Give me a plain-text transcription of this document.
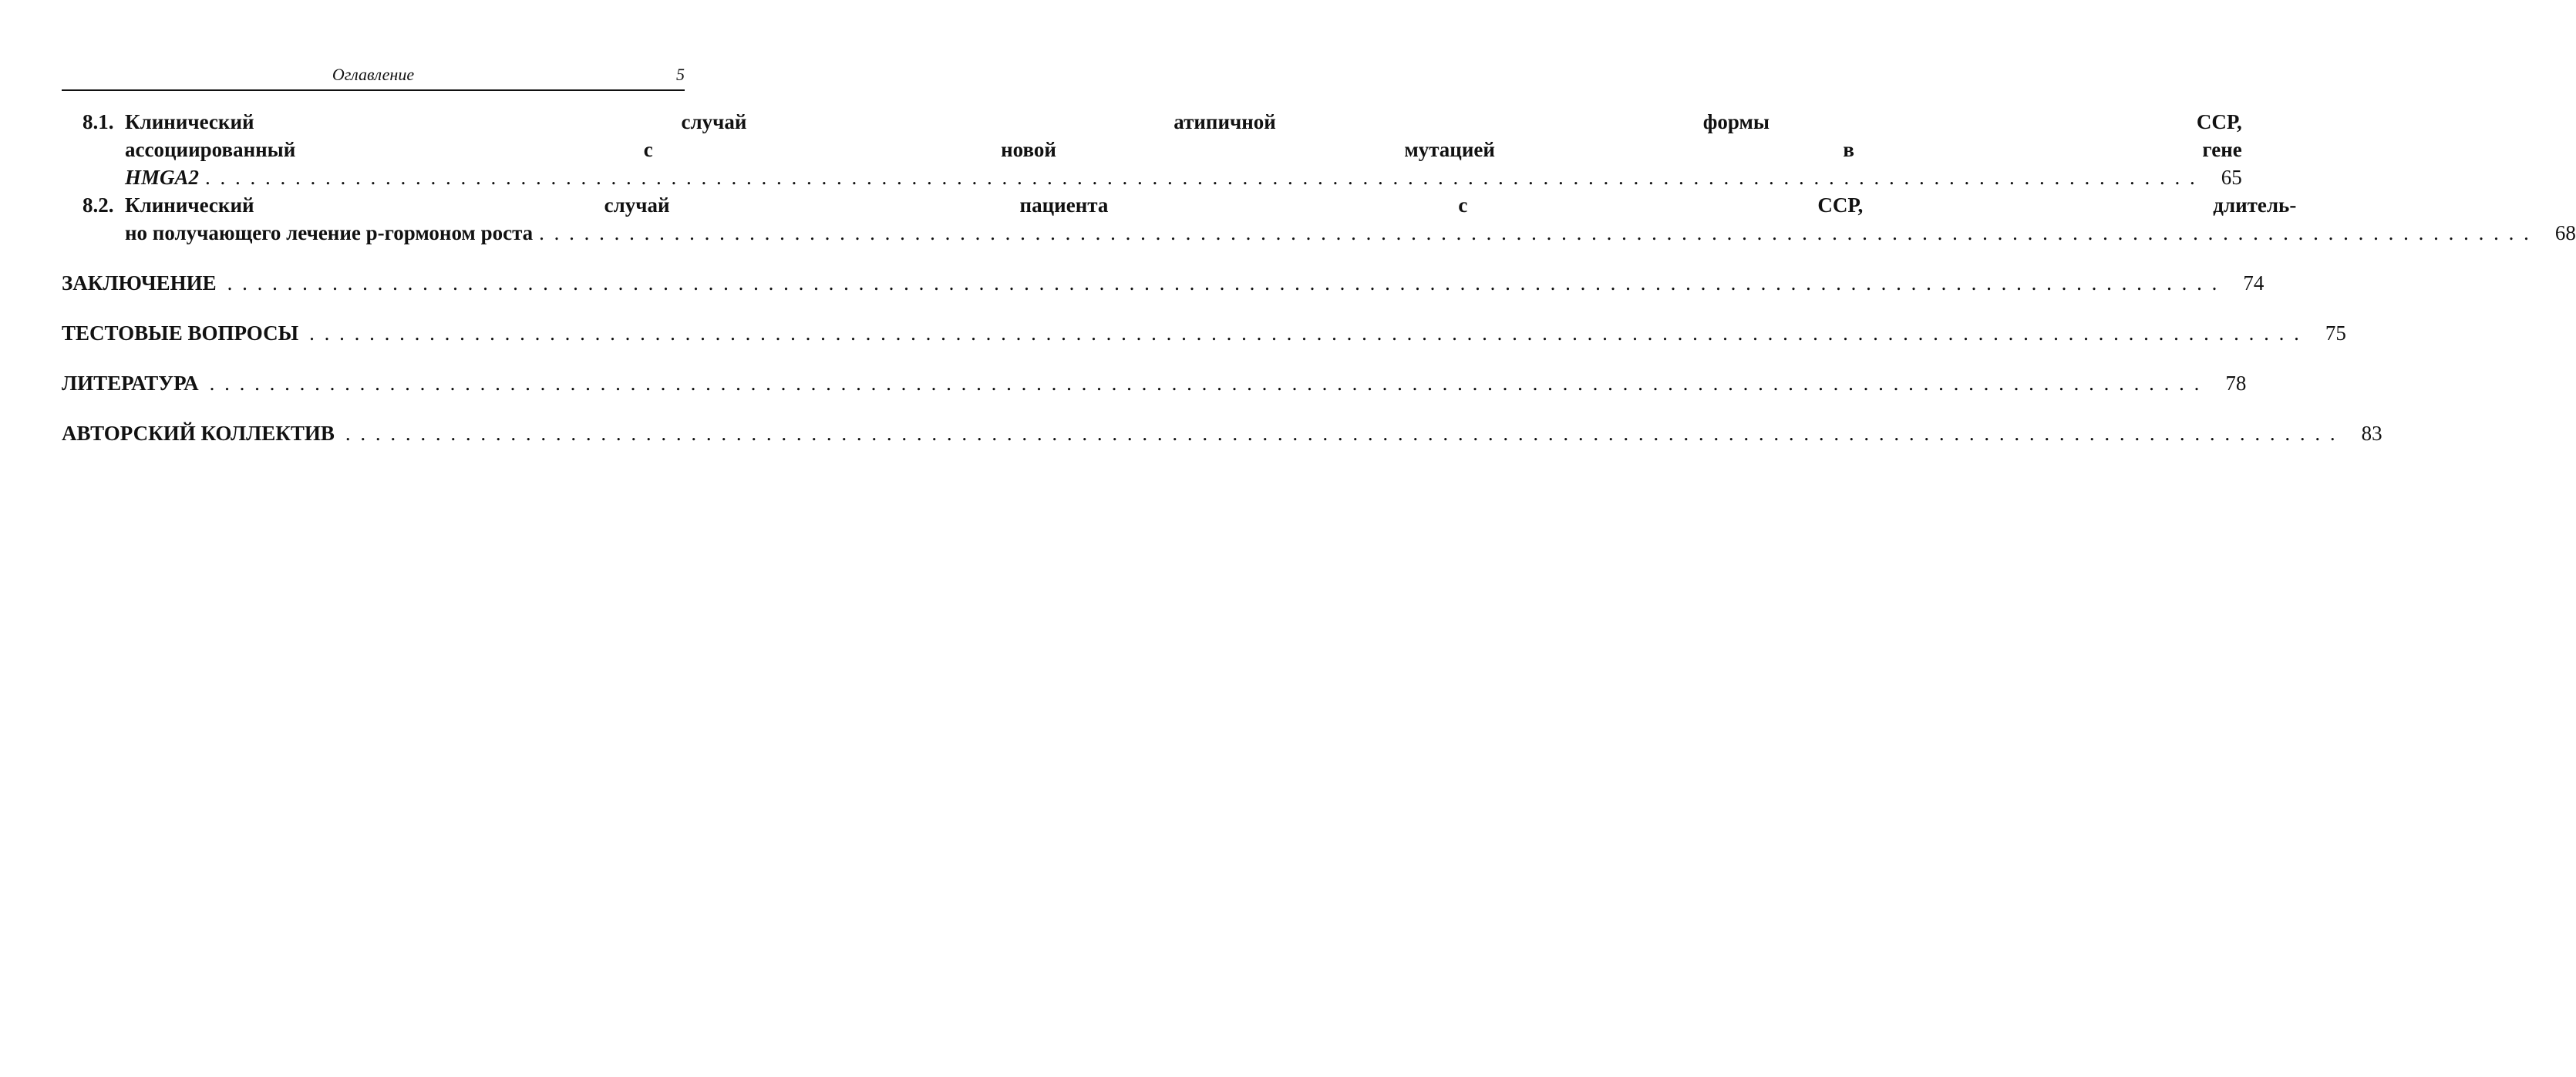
Оглавление	5
8.1. Клинический случай атипичной формы ССР,
ассоциированный с новой мутацией в гене
HMGA2 . . .	65
8.2. Клинический случай пациента с ССР, длитель-
но получающего лечение р-гормоном роста . . .	68
ЗАКЛЮЧЕНИЕ . . .	74
ТЕСТОВЫЕ ВОПРОСЫ . . .	75
ЛИТЕРАТУРА . . .	78
АВТОРСКИЙ КОЛЛЕКТИВ . . .	83
